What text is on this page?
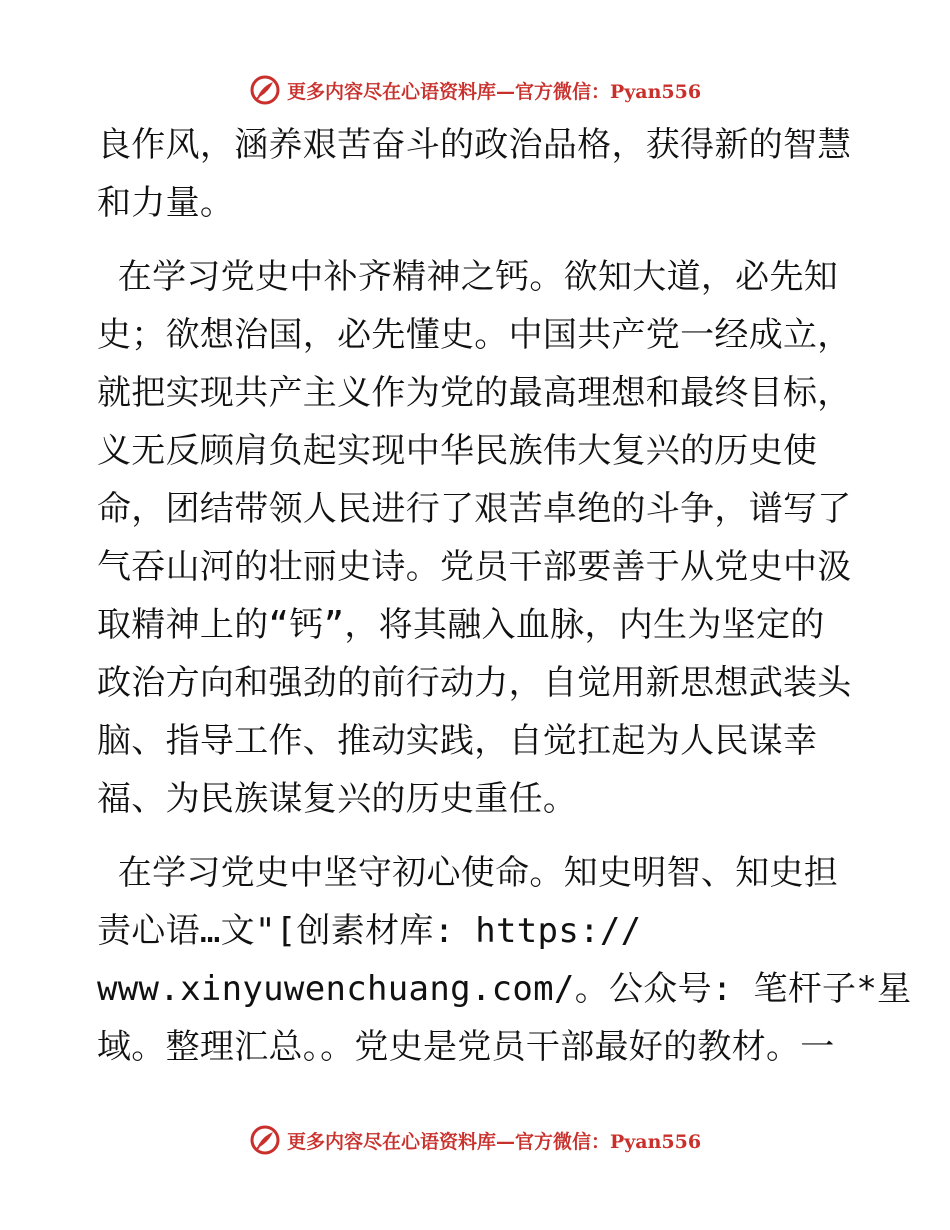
更多内容尽在心语资料库—官方微信：Pyan556
良作风，涵养艰苦奋斗的政治品格，获得新的智慧
和力量。
在学习党史中补齐精神之钙。欲知大道，必先知
史；欲想治国，必先懂史。中国共产党一经成立，
就把实现共产主义作为党的最高理想和最终目标，
义无反顾肩负起实现中华民族伟大复兴的历史使
命，团结带领人民进行了艰苦卓绝的斗争，谱写了
气吞山河的壮丽史诗。党员干部要善于从党史中汲
取精神上的“钙”，将其融入血脉，内生为坚定的
政治方向和强劲的前行动力，自觉用新思想武装头
脑、指导工作、推动实践，自觉扛起为人民谋幸
福、为民族谋复兴的历史重任。
在学习党史中坚守初心使命。知史明智、知史担
责心语…文"[创素材库: https://
www.xinyuwenchuang.com/。公众号: 笔杆子*星
域。整理汇总。。党史是党员干部最好的教材。一
更多内容尽在心语资料库—官方微信：Pyan556
